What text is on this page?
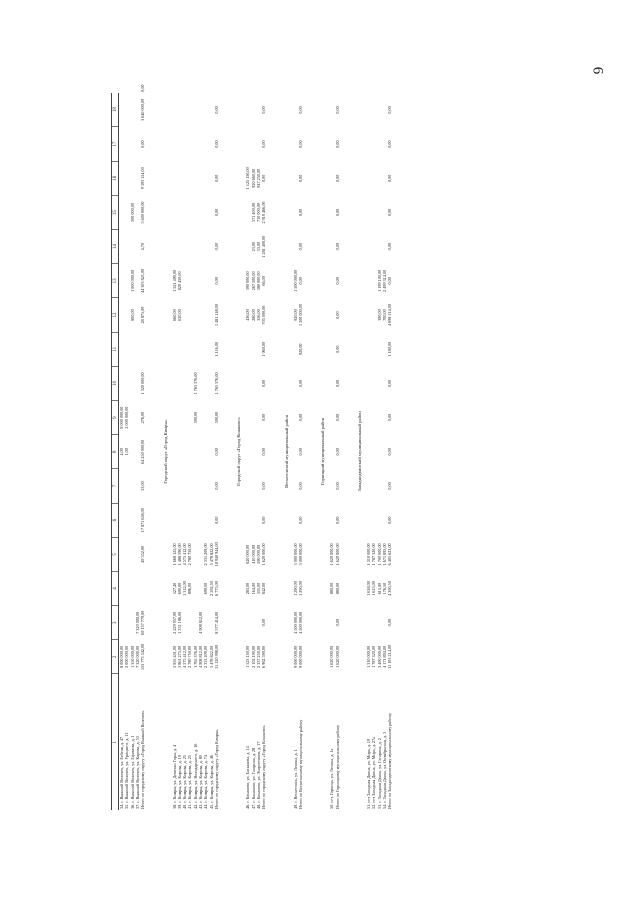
6
1	2	3	4	5	6	7	8	9	10	11	12	13	14	15	16	17	18	
34. г. Вышний Волочек, ул. Бебеля, д. 47	8 000 000,00						4,00	8 000 000,00										
35. г. Вышний Волочек, ул. Урицкого, д. 11	2 000 000,00						1,00	2 000 000,00										
36. г. Вышний Волочек, ул. Ефимова, д. 1	1 350 000,00										800,00	1 000 000,00		500 000,00				
37. г. Вышний Волочек, ул. Кирова, д. 53	7 320 000,00	7 320 000,00																
Итого по городскому округу «Город Вышний Волочек»	153 773 542,00	69 137 779,00		49 552,00	17 871 658,00	33,00	64 250 000,00	276,00	1 320 000,00		28 875,00	44 303 821,00	4,70	5 600 000,00	9 393 154,00	0,00	3 640 000,00	0,00

Городской округ «Город Кимры»																		
38. г. Кимры, ул. Девичьи Горы, д. 4	5 955 451,00	2 229 957,00	527,40	1 668 125,00							660,00	1 521 490,00						
39. г. Кимры, ул. Кирова, д. 10	3 861 275,00	1 331 186,00	690,00	1 488 590,00							630,00	820 450,00						
40. г. Кимры, ул. Кирова, д. 25	4 575 412,00		1 312,00	4 575 412,00														
41. г. Кимры, ул. Кирова, д. 25	2 780 750,00		896,00	2 780 750,00														
42. г. Кимры, ул. Володарского, д. 16	1 765 376,00							590,00	1 765 376,00									
43. г. Кимры, ул. Кирова, д. 80	4 908 812,00	4 908 812,00																
44. г. Кимры, ул. Кирова, д. 74	2 331 209,00		699,00	2 331 209,00														
45. г. Кимры, ул. Кирова, д. 46	5 478 822,00		2 592,50	5 478 822,00														
Итого по городскому округу «Город Кимры»	31 120 998,00	8 577 414,00	6 775,00	18 940 944,00	0,00	0,00	0,00	590,00	1 765 376,00	1 116,00	1 481 148,00	0,00	0,00	0,00	0,00	0,00	0,00	

Городской округ «Город Конаково»																		
46. г. Конаково, ул. Баскакова, д. 14	1 523 150,00		283,00	620 000,00							436,00	390 000,00			1 125 156,00			
47. г. Конаково, ул. Гагарина, д. 28	2 102 190,00		164,00	410 000,00							280,00	267 500,00	23,00	571 400,00	920 660,00			
48. г. Конаково, ул. Энергетиков, д. 17	2 337 250,00		335,00	590 000,00							356,00	380 000,00	33,00	710 000,00	947 250,00			
Итого по городскому округу «Город Конаково»	6 962 590,00	0,00	842,00	1 620 000,00	0,00	0,00	0,00	0,00	0,00	1 060,00	705 000,00	66,00	1 281 400,00	2 919 466,00	0,00	0,00	0,00	

Весьегонский муниципальный район																		
49. г. Весьегонск, ул. Ленина, д. 1	9 000 000,00	4 500 000,00	1 290,00	3 000 000,00							920,00	1 500 000,00						
Итого по Весьегонскому муниципальному району	9 000 000,00	4 500 000,00	1 290,00	3 000 000,00	0,00	0,00	0,00	0,00	0,00	920,00	1 500 000,00	0,00	0,00	0,00	0,00	0,00	0,00	

Горницкий муниципальный район																		
50. пгт. Горница, ул. Ленина, д. 1а	1 620 000,00		880,00	1 620 000,00														
Итого по Горницкому муниципальному району	1 620 000,00	0,00	880,00	1 620 000,00	0,00	0,00	0,00	0,00	0,00	0,00	0,00	0,00	0,00	0,00	0,00	0,00	0,00	

Западнодвинский муниципальный район																		
51. пгт Западная Двина, ул. Мира, д. 19	1 310 000,00		1 638,00	1 310 000,00														
52. пгт Западная Двина, ул. Мира, д. 27а	1 787 320,00		1 615,00	1 787 320,00														
53. г. Западная Двина, ул. Гагарина, д. 2	3 400 000,00		615,00	1 700 000,00							390,00	1 199 100,00						
54. г. Западная Двина, ул. Октябрьская, д. 3	4 171 894,00		176,50	1 671 895,00							700,00	2 499 314,00						
Итого по Западнодвинскому муниципальному району	11 105 214,00	0,00	4 300,50	6 405 623,00	0,00	0,00	0,00	0,00	0,00	1 180,00	4 698 514,00	0,00	0,00	0,00	0,00	0,00	0,00	
